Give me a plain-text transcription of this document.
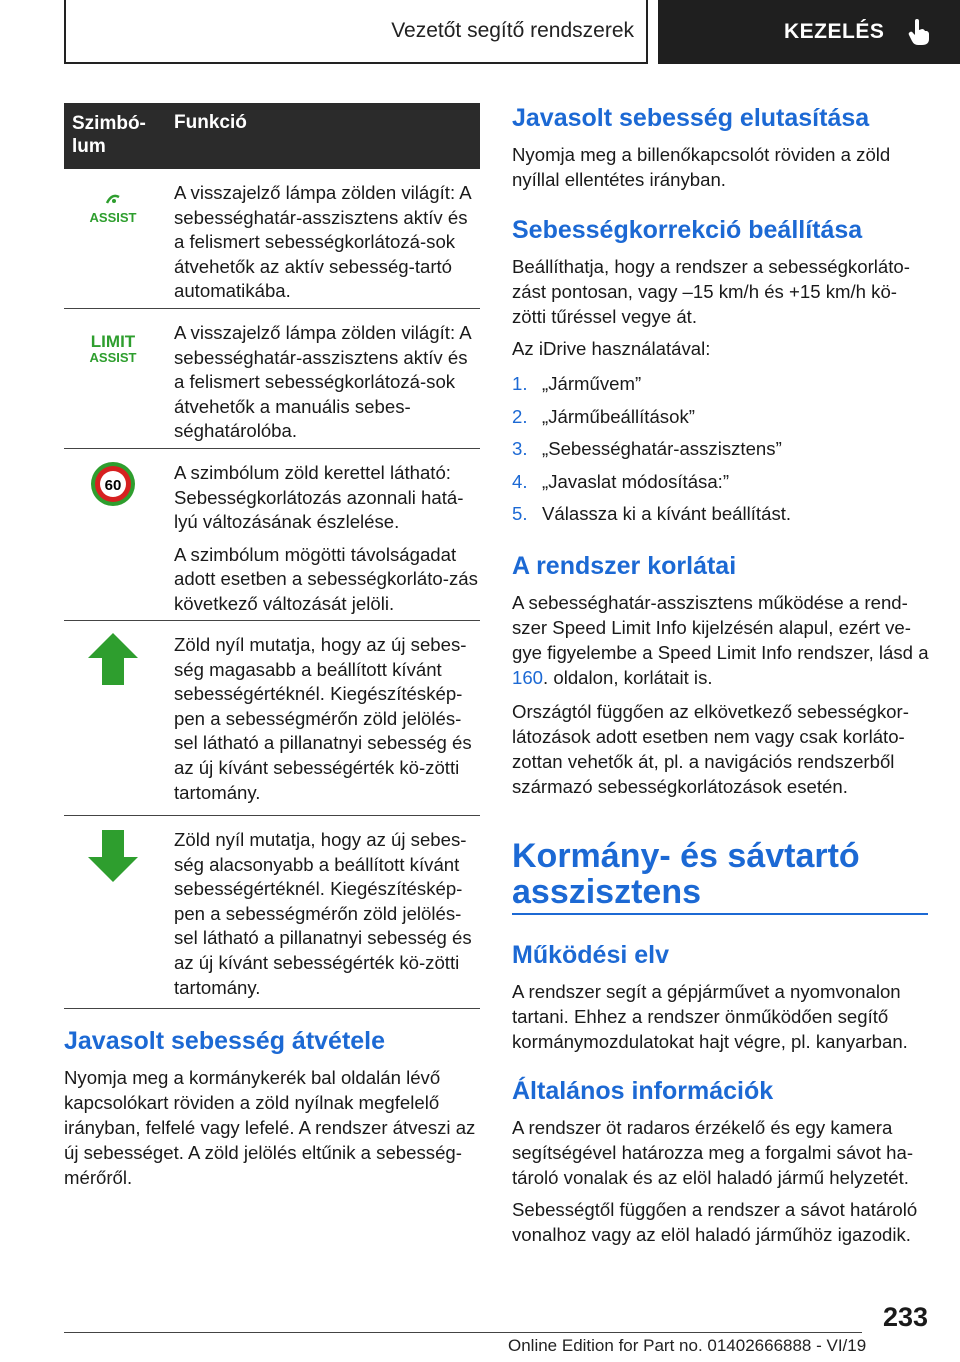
Vezetőt segítő rendszerek	KEZELÉS
Szimbó-lum
Funkció
ASSIST

A visszajelző lámpa zölden világít: A sebességhatár-asszisztens aktív és a felismert sebességkorlátozá-sok átvehetők az aktív sebesség-tartó automatikába.

LIMIT
ASSIST

A visszajelző lámpa zölden világít: A sebességhatár-asszisztens aktív és a felismert sebességkorlátozá-sok átvehetők a manuális sebes-séghatárolóba.

60

A szimbólum zöld kerettel látható: Sebességkorlátozás azonnali hatá-lyú változásának észlelése.

A szimbólum mögötti távolságadat adott esetben a sebességkorláto-zás következő változását jelöli.

Zöld nyíl mutatja, hogy az új sebes-ség magasabb a beállított kívánt sebességértéknél. Kiegészítéskép-pen a sebességmérőn zöld jelölés-sel látható a pillanatnyi sebesség és az új kívánt sebességérték kö-zötti tartomány.

Zöld nyíl mutatja, hogy az új sebes-ség alacsonyabb a beállított kívánt sebességértéknél. Kiegészítéskép-pen a sebességmérőn zöld jelölés-sel látható a pillanatnyi sebesség és az új kívánt sebességérték kö-zötti tartomány.

Javasolt sebesség átvétele

Nyomja meg a kormánykerék bal oldalán lévő kapcsolókart röviden a zöld nyílnak megfelelő irányban, felfelé vagy lefelé. A rendszer átveszi az új sebességet. A zöld jelölés eltűnik a sebesség-mérőről.

Javasolt sebesség elutasítása

Nyomja meg a billenőkapcsolót röviden a zöld nyíllal ellentétes irányban.

Sebességkorrekció beállítása

Beállíthatja, hogy a rendszer a sebességkorláto-zást pontosan, vagy –15 km/h és +15 km/h kö-zötti tűréssel vegye át.

Az iDrive használatával:

1. „Járművem”
2. „Járműbeállítások”
3. „Sebességhatár-asszisztens”
4. „Javaslat módosítása:”
5. Válassza ki a kívánt beállítást.
A rendszer korlátai

A sebességhatár-asszisztens működése a rend-szer Speed Limit Info kijelzésén alapul, ezért ve-gye figyelembe a Speed Limit Info rendszer, lásd a 160. oldalon, korlátait is.

Országtól függően az elkövetkező sebességkor-látozások adott esetben nem vagy csak korláto-zottan vehetők át, pl. a navigációs rendszerből származó sebességkorlátozások esetén.

Kormány- és sávtartó
asszisztens
Működési elv

A rendszer segít a gépjárművet a nyomvonalon tartani. Ehhez a rendszer önműködően segítő kormánymozdulatokat hajt végre, pl. kanyarban.

Általános információk

A rendszer öt radaros érzékelő és egy kamera segítségével határozza meg a forgalmi sávot ha-tároló vonalak és az elöl haladó jármű helyzetét.

Sebességtől függően a rendszer a sávot határoló vonalhoz vagy az elöl haladó járműhöz igazodik.

233
Online Edition for Part no. 01402666888 - VI/19
